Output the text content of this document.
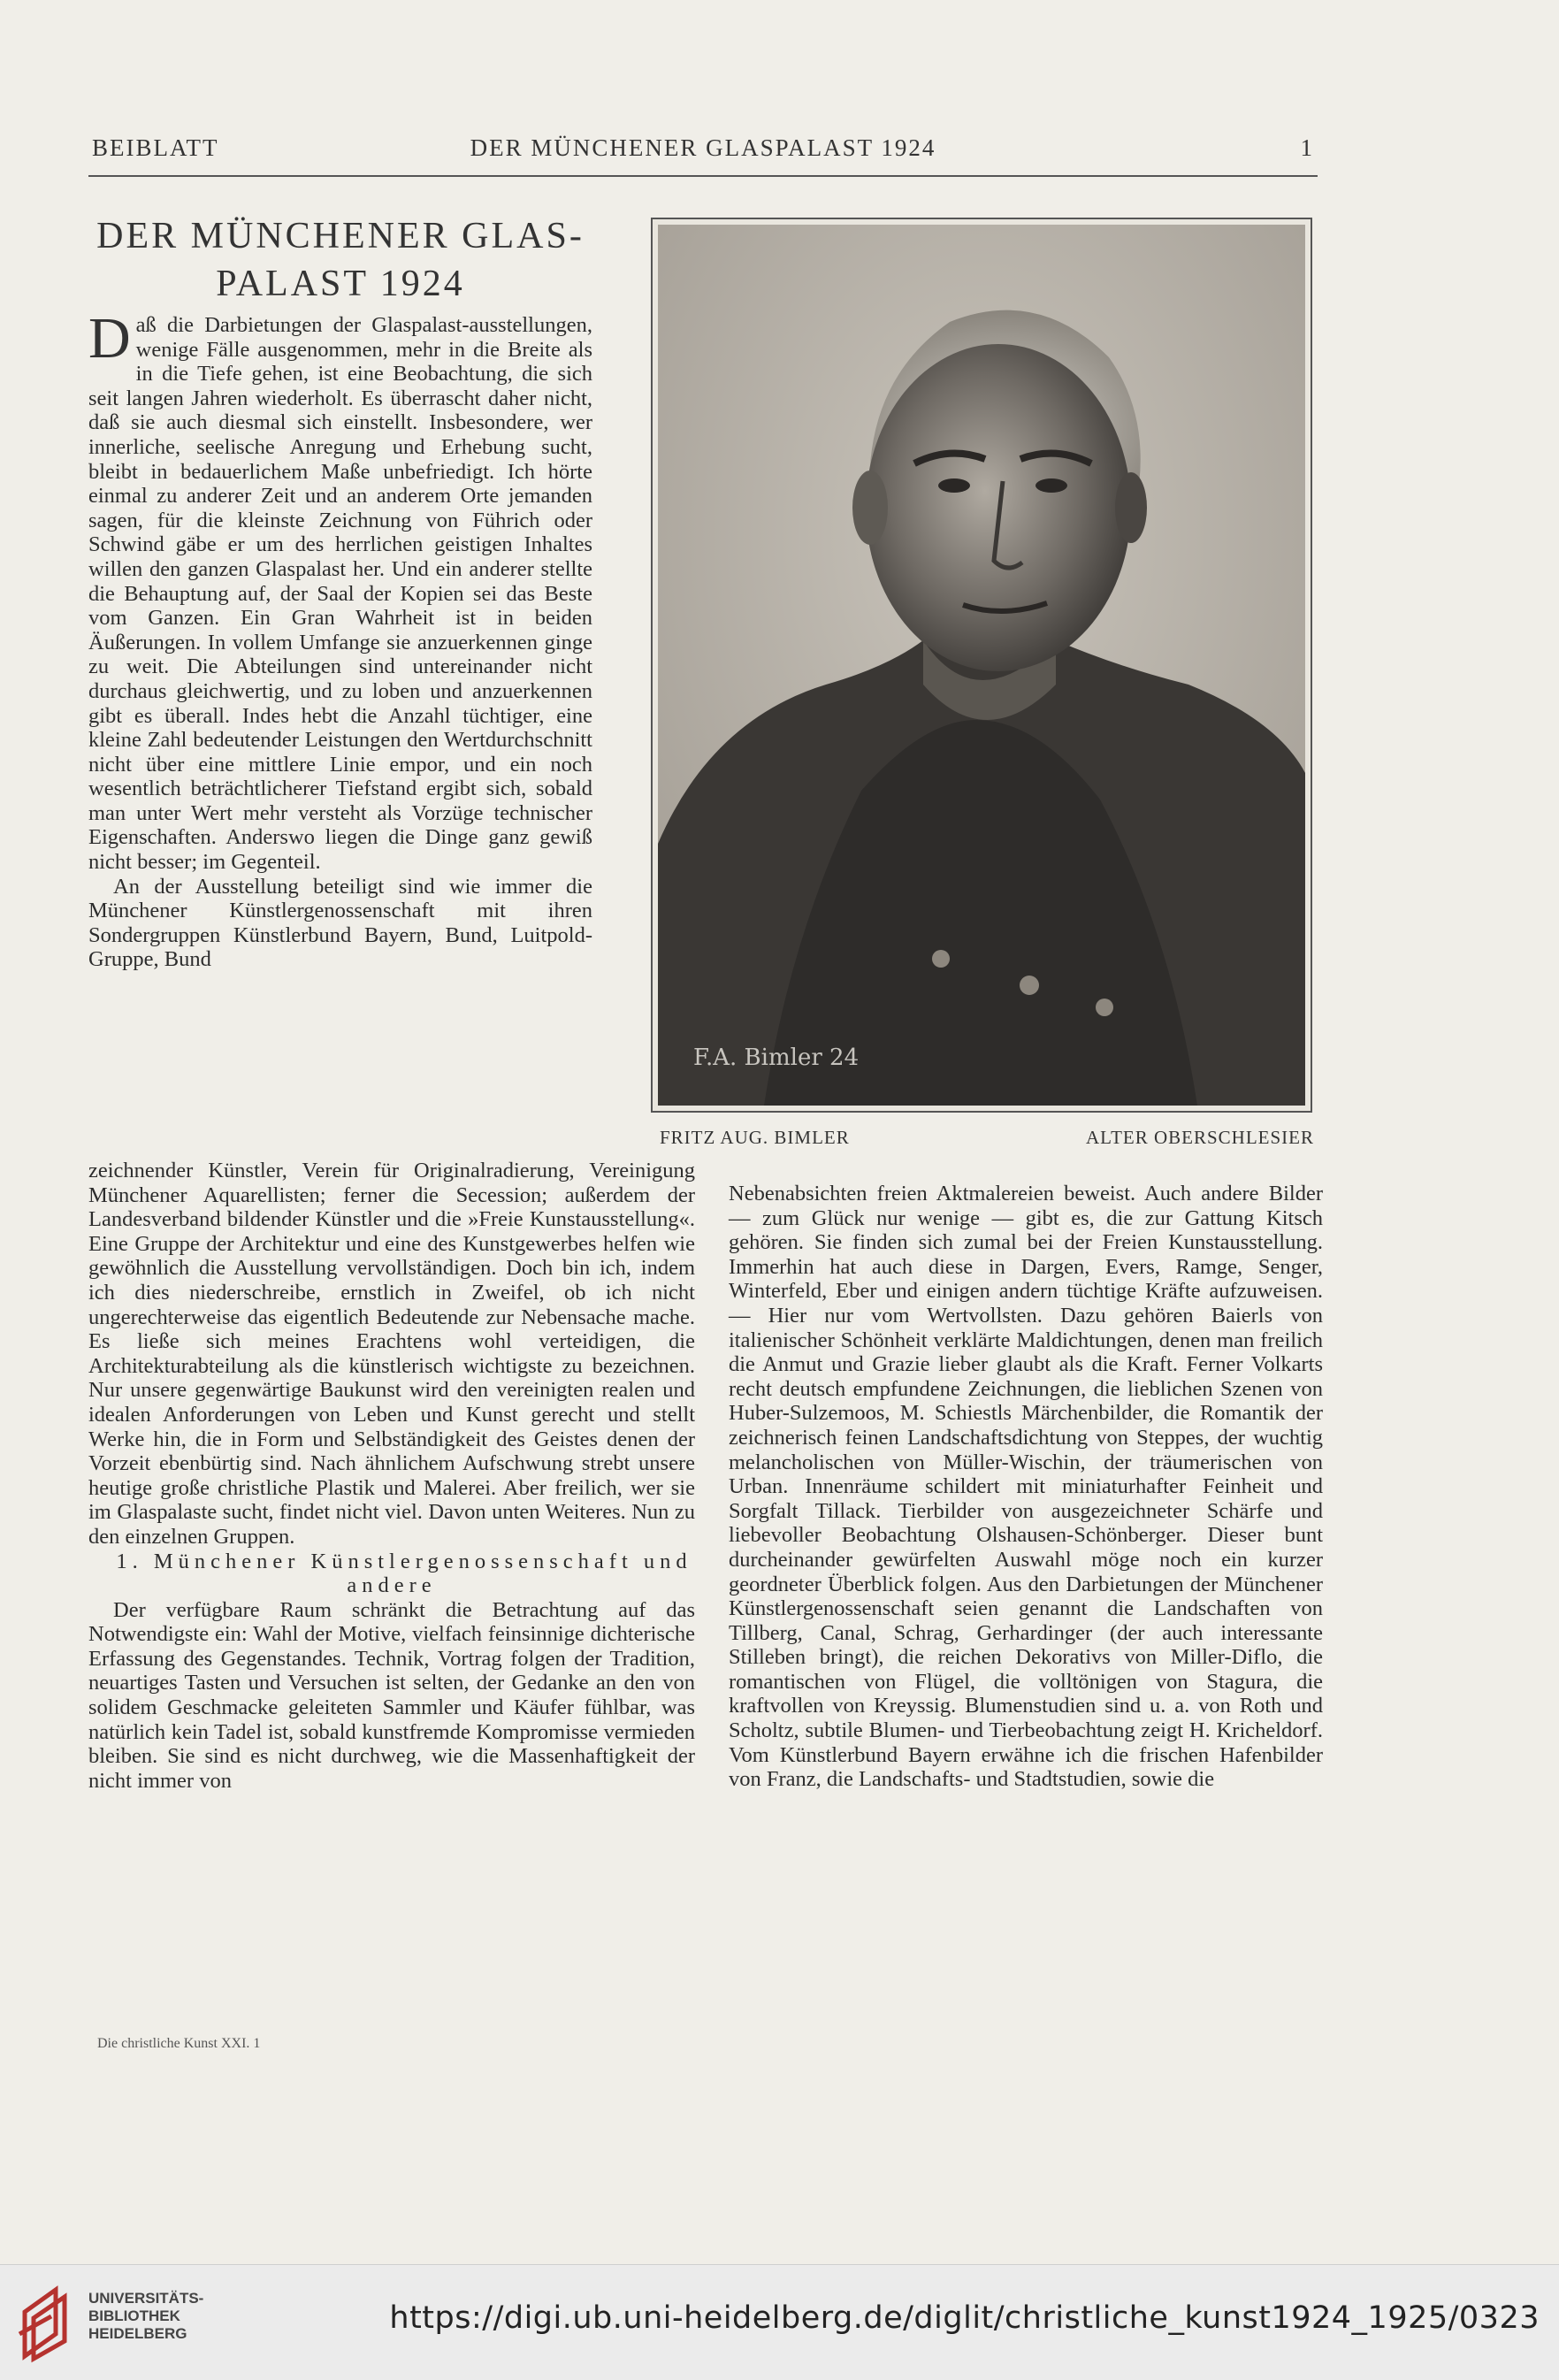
BEIBLATT	DER MÜNCHENER GLASPALAST 1924	1
DER MÜNCHENER GLAS-PALAST 1924

Daß die Darbietungen der Glaspalast-ausstellungen, wenige Fälle ausgenommen, mehr in die Breite als in die Tiefe gehen, ist eine Beobachtung, die sich seit langen Jahren wiederholt. Es überrascht daher nicht, daß sie auch diesmal sich einstellt. Insbesondere, wer innerliche, seelische Anregung und Erhebung sucht, bleibt in bedauerlichem Maße unbefriedigt. Ich hörte einmal zu anderer Zeit und an anderem Orte jemanden sagen, für die kleinste Zeichnung von Führich oder Schwind gäbe er um des herrlichen geistigen Inhaltes willen den ganzen Glaspalast her. Und ein anderer stellte die Behauptung auf, der Saal der Kopien sei das Beste vom Ganzen. Ein Gran Wahrheit ist in beiden Äußerungen. In vollem Umfange sie anzuerkennen ginge zu weit. Die Abteilungen sind untereinander nicht durchaus gleichwertig, und zu loben und anzuerkennen gibt es überall. Indes hebt die Anzahl tüchtiger, eine kleine Zahl bedeutender Leistungen den Wertdurchschnitt nicht über eine mittlere Linie empor, und ein noch wesentlich beträchtlicherer Tiefstand ergibt sich, sobald man unter Wert mehr versteht als Vorzüge technischer Eigenschaften. Anderswo liegen die Dinge ganz gewiß nicht besser; im Gegenteil.

An der Ausstellung beteiligt sind wie immer die Münchener Künstlergenossenschaft mit ihren Sondergruppen Künstlerbund Bayern, Bund, Luitpold-Gruppe, Bund

F.A. Bimler 24
FRITZ AUG. BIMLER	ALTER OBERSCHLESIER

zeichnender Künstler, Verein für Originalradierung, Vereinigung Münchener Aquarellisten; ferner die Secession; außerdem der Landesverband bildender Künstler und die »Freie Kunstausstellung«. Eine Gruppe der Architektur und eine des Kunstgewerbes helfen wie gewöhnlich die Ausstellung vervollständigen. Doch bin ich, indem ich dies niederschreibe, ernstlich in Zweifel, ob ich nicht ungerechterweise das eigentlich Bedeutende zur Nebensache mache. Es ließe sich meines Erachtens wohl verteidigen, die Architekturabteilung als die künstlerisch wichtigste zu bezeichnen. Nur unsere gegenwärtige Baukunst wird den vereinigten realen und idealen Anforderungen von Leben und Kunst gerecht und stellt Werke hin, die in Form und Selbständigkeit des Geistes denen der Vorzeit ebenbürtig sind. Nach ähnlichem Aufschwung strebt unsere heutige große christliche Plastik und Malerei. Aber freilich, wer sie im Glaspalaste sucht, findet nicht viel. Davon unten Weiteres. Nun zu den einzelnen Gruppen.

1. Münchener Künstlergenossenschaft und andere

Der verfügbare Raum schränkt die Betrachtung auf das Notwendigste ein: Wahl der Motive, vielfach feinsinnige dichterische Erfassung des Gegenstandes. Technik, Vortrag folgen der Tradition, neuartiges Tasten und Versuchen ist selten, der Gedanke an den von solidem Geschmacke geleiteten Sammler und Käufer fühlbar, was natürlich kein Tadel ist, sobald kunstfremde Kompromisse vermieden bleiben. Sie sind es nicht durchweg, wie die Massenhaftigkeit der nicht immer von

Nebenabsichten freien Aktmalereien beweist. Auch andere Bilder — zum Glück nur wenige — gibt es, die zur Gattung Kitsch gehören. Sie finden sich zumal bei der Freien Kunstausstellung. Immerhin hat auch diese in Dargen, Evers, Ramge, Senger, Winterfeld, Eber und einigen andern tüchtige Kräfte aufzuweisen. — Hier nur vom Wertvollsten. Dazu gehören Baierls von italienischer Schönheit verklärte Maldichtungen, denen man freilich die Anmut und Grazie lieber glaubt als die Kraft. Ferner Volkarts recht deutsch empfundene Zeichnungen, die lieblichen Szenen von Huber-Sulzemoos, M. Schiestls Märchenbilder, die Romantik der zeichnerisch feinen Landschaftsdichtung von Steppes, der wuchtig melancholischen von Müller-Wischin, der träumerischen von Urban. Innenräume schildert mit miniaturhafter Feinheit und Sorgfalt Tillack. Tierbilder von ausgezeichneter Schärfe und liebevoller Beobachtung Olshausen-Schönberger. Dieser bunt durcheinander gewürfelten Auswahl möge noch ein kurzer geordneter Überblick folgen. Aus den Darbietungen der Münchener Künstlergenossenschaft seien genannt die Landschaften von Tillberg, Canal, Schrag, Gerhardinger (der auch interessante Stilleben bringt), die reichen Dekorativs von Miller-Diflo, die romantischen von Flügel, die volltönigen von Stagura, die kraftvollen von Kreyssig. Blumenstudien sind u. a. von Roth und Scholtz, subtile Blumen- und Tierbeobachtung zeigt H. Kricheldorf. Vom Künstlerbund Bayern erwähne ich die frischen Hafenbilder von Franz, die Landschafts- und Stadtstudien, sowie die

Die christliche Kunst XXI. 1
UNIVERSITÄTS-
BIBLIOTHEK
HEIDELBERG	https://digi.ub.uni-heidelberg.de/diglit/christliche_kunst1924_1925/0323
